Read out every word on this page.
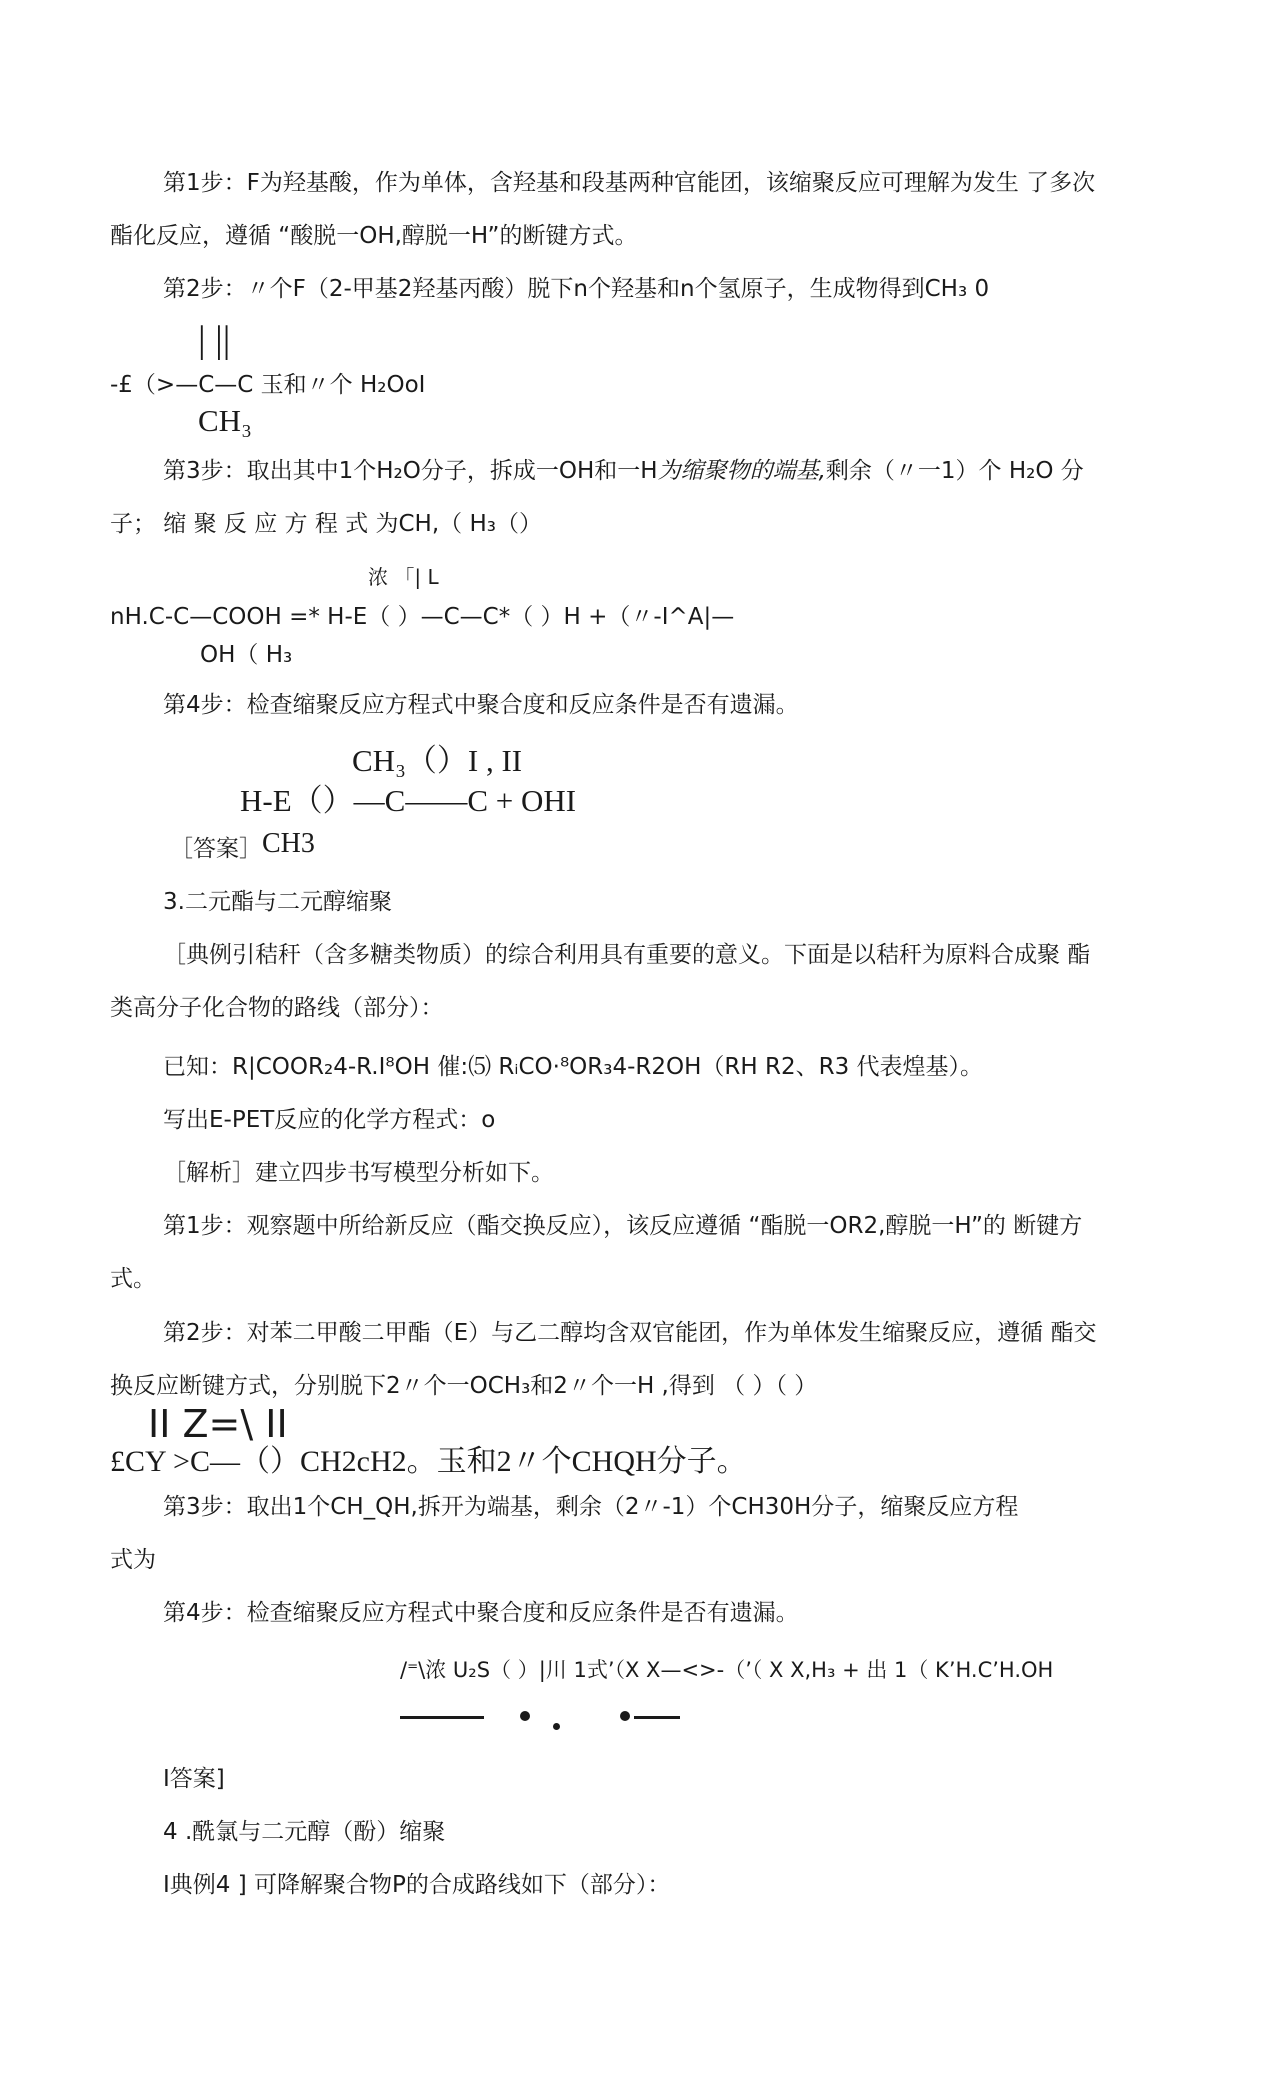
第1步：F为羟基酸，作为单体，含羟基和段基两种官能团，该缩聚反应可理解为发生 了多次
酯化反应，遵循 “酸脱一OH,醇脱一H”的断键方式。
第2步：〃个F（2-甲基2羟基丙酸）脱下n个羟基和n个氢原子，生成物得到CH₃ 0
| ||
-£（>—C—C 玉和〃个 H₂OoI
CH₃
第3步：取出其中1个H₂O分子，拆成一OH和一H为缩聚物的端基,剩余（〃一1）个 H₂O 分
子； 缩 聚 反 应 方 程 式 为CH,（ H₃（）
浓 「| L
nH.C-C—COOH =* H-E（ ）—C—C*（ ）H +（〃-I^A|—
OH（ H₃
第4步：检查缩聚反应方程式中聚合度和反应条件是否有遗漏。
CH₃（）I , II
H-E（）—C——C + OHI
［答案］CH3
3.二元酯与二元醇缩聚
［典例引秸秆（含多糖类物质）的综合利用具有重要的意义。下面是以秸秆为原料合成聚 酯
类高分子化合物的路线（部分）：
已知：R|COOR₂4-R.I⁸OH 催:⑸ RᵢCO·⁸OR₃4-R2OH（RH R2、R3 代表煌基）。
写出E-PET反应的化学方程式：o
［解析］建立四步书写模型分析如下。
第1步：观察题中所给新反应（酯交换反应），该反应遵循 “酯脱一OR2,醇脱一H”的 断键方
式。
第2步：对苯二甲酸二甲酯（E）与乙二醇均含双官能团，作为单体发生缩聚反应，遵循 酯交
换反应断键方式，分别脱下2〃个一OCH₃和2〃个一H ,得到 （ ）（ ）
II Z=\ II
£CY >C—（）CH2cH2。玉和2〃个CHQH分子。
第3步：取出1个CH_QH,拆开为端基，剩余（2〃-1）个CH30H分子，缩聚反应方程
式为
第4步：检查缩聚反应方程式中聚合度和反应条件是否有遗漏。
/⁼\浓 U₂S（ ）|川 1式’（X X—<>-（’（ X X,H₃ + 出 1（ K’H.C’H.OH
I答案]
4 .酰氯与二元醇（酚）缩聚
I典例4 ] 可降解聚合物P的合成路线如下（部分）：
